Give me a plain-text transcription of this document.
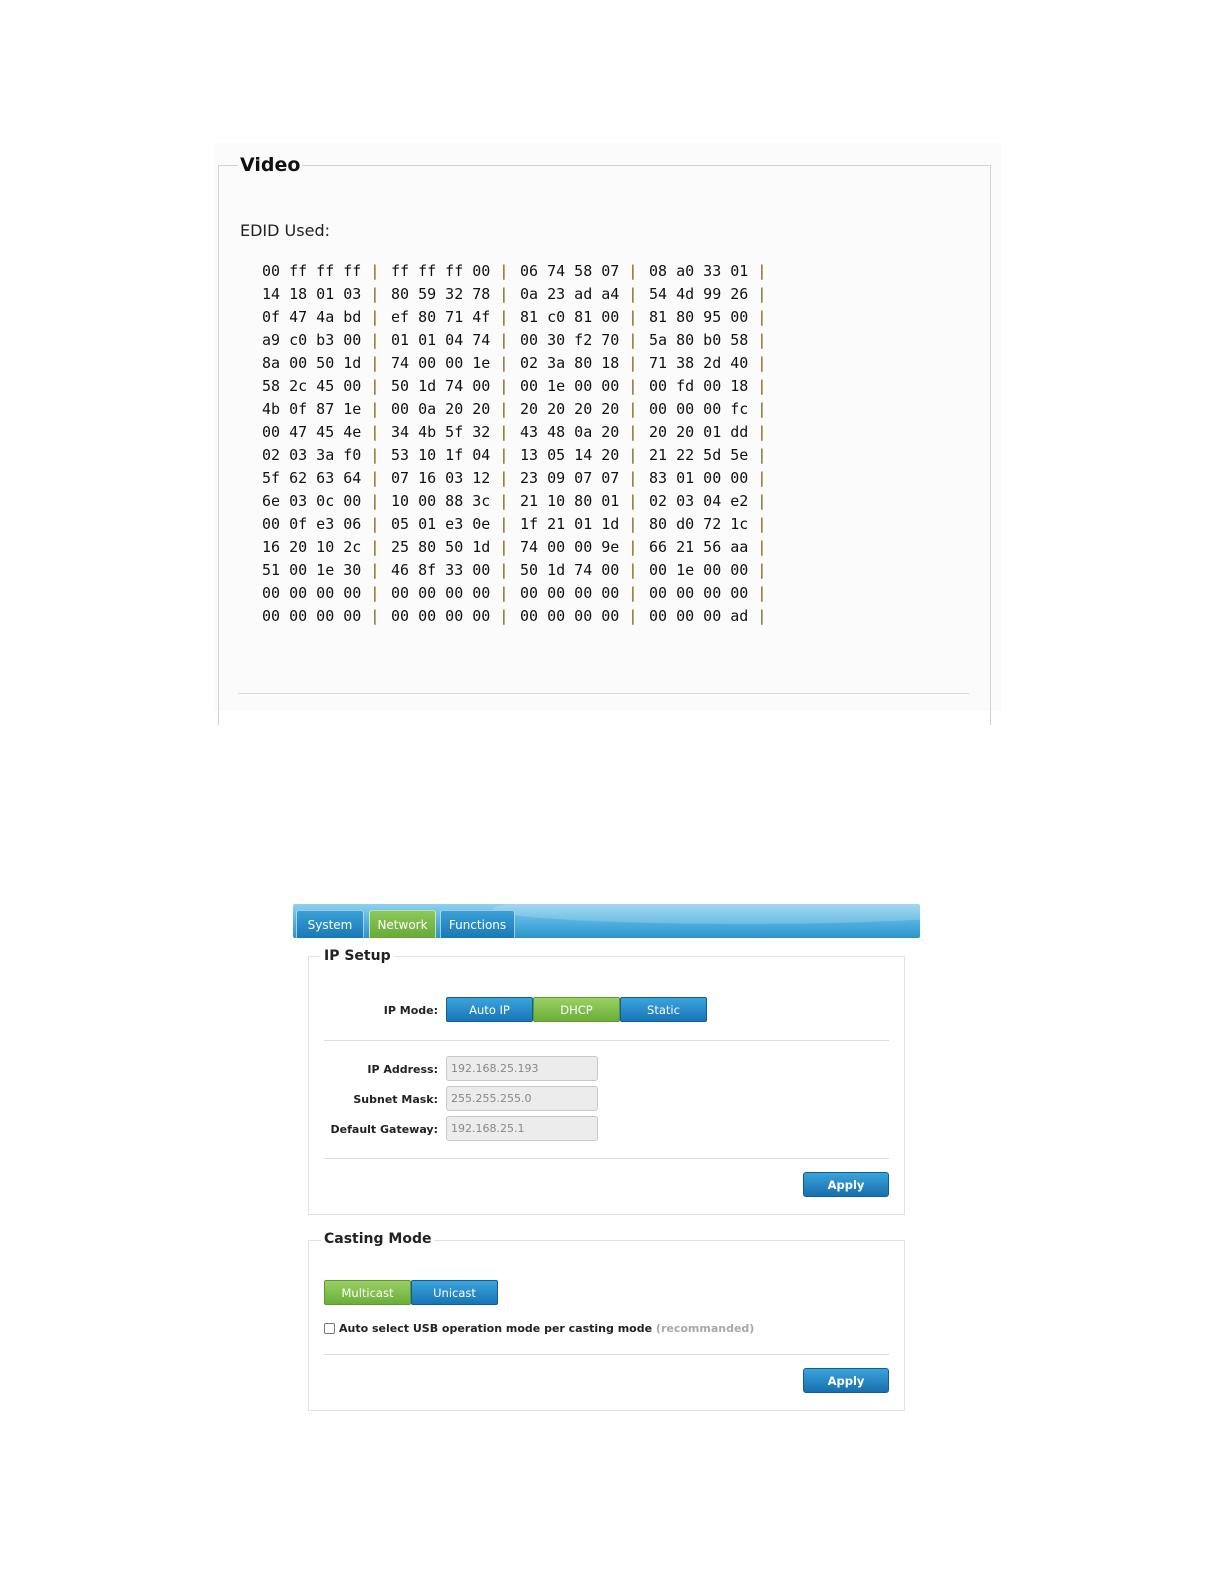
Video
EDID Used:
00 ff ff ff | ff ff ff 00 | 06 74 58 07 | 08 a0 33 01 |
14 18 01 03 | 80 59 32 78 | 0a 23 ad a4 | 54 4d 99 26 |
0f 47 4a bd | ef 80 71 4f | 81 c0 81 00 | 81 80 95 00 |
a9 c0 b3 00 | 01 01 04 74 | 00 30 f2 70 | 5a 80 b0 58 |
8a 00 50 1d | 74 00 00 1e | 02 3a 80 18 | 71 38 2d 40 |
58 2c 45 00 | 50 1d 74 00 | 00 1e 00 00 | 00 fd 00 18 |
4b 0f 87 1e | 00 0a 20 20 | 20 20 20 20 | 00 00 00 fc |
00 47 45 4e | 34 4b 5f 32 | 43 48 0a 20 | 20 20 01 dd |
02 03 3a f0 | 53 10 1f 04 | 13 05 14 20 | 21 22 5d 5e |
5f 62 63 64 | 07 16 03 12 | 23 09 07 07 | 83 01 00 00 |
6e 03 0c 00 | 10 00 88 3c | 21 10 80 01 | 02 03 04 e2 |
00 0f e3 06 | 05 01 e3 0e | 1f 21 01 1d | 80 d0 72 1c |
16 20 10 2c | 25 80 50 1d | 74 00 00 9e | 66 21 56 aa |
51 00 1e 30 | 46 8f 33 00 | 50 1d 74 00 | 00 1e 00 00 |
00 00 00 00 | 00 00 00 00 | 00 00 00 00 | 00 00 00 00 |
00 00 00 00 | 00 00 00 00 | 00 00 00 00 | 00 00 00 ad |
System	Network	Functions
IP Setup
IP Mode:	Auto IP	DHCP	Static
IP Address:	192.168.25.193
Subnet Mask:	255.255.255.0
Default Gateway:	192.168.25.1
Apply
Casting Mode
Multicast	Unicast
Auto select USB operation mode per casting mode (recommanded)
Apply
